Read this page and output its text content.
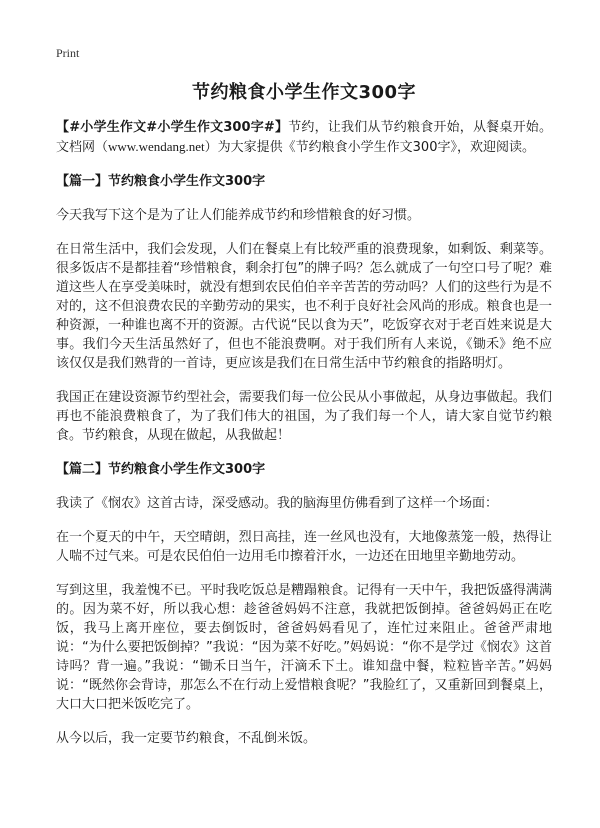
Print
节约粮食小学生作文300字

【#小学生作文#小学生作文300字#】节约，让我们从节约粮食开始，从餐桌开始。文档网（www.wendang.net）为大家提供《节约粮食小学生作文300字》，欢迎阅读。

【篇一】节约粮食小学生作文300字

今天我写下这个是为了让人们能养成节约和珍惜粮食的好习惯。

在日常生活中，我们会发现，人们在餐桌上有比较严重的浪费现象，如剩饭、剩菜等。很多饭店不是都挂着“珍惜粮食，剩余打包”的牌子吗？怎么就成了一句空口号了呢？难道这些人在享受美味时，就没有想到农民伯伯辛辛苦苦的劳动吗？人们的这些行为是不对的，这不但浪费农民的辛勤劳动的果实，也不利于良好社会风尚的形成。粮食也是一种资源，一种谁也离不开的资源。古代说“民以食为天”，吃饭穿衣对于老百姓来说是大事。我们今天生活虽然好了，但也不能浪费啊。对于我们所有人来说，《锄禾》绝不应该仅仅是我们熟背的一首诗，更应该是我们在日常生活中节约粮食的指路明灯。

我国正在建设资源节约型社会，需要我们每一位公民从小事做起，从身边事做起。我们再也不能浪费粮食了，为了我们伟大的祖国，为了我们每一个人，请大家自觉节约粮食。节约粮食，从现在做起，从我做起！

【篇二】节约粮食小学生作文300字

我读了《悯农》这首古诗，深受感动。我的脑海里仿佛看到了这样一个场面：

在一个夏天的中午，天空晴朗，烈日高挂，连一丝风也没有，大地像蒸笼一般，热得让人喘不过气来。可是农民伯伯一边用毛巾擦着汗水，一边还在田地里辛勤地劳动。

写到这里，我羞愧不已。平时我吃饭总是糟蹋粮食。记得有一天中午，我把饭盛得满满的。因为菜不好，所以我心想：趁爸爸妈妈不注意，我就把饭倒掉。爸爸妈妈正在吃饭，我马上离开座位，要去倒饭时，爸爸妈妈看见了，连忙过来阻止。爸爸严肃地说：“为什么要把饭倒掉？”我说：“因为菜不好吃。”妈妈说：“你不是学过《悯农》这首诗吗？背一遍。”我说：“锄禾日当午，汗滴禾下土。谁知盘中餐，粒粒皆辛苦。”妈妈说：“既然你会背诗，那怎么不在行动上爱惜粮食呢？”我脸红了，又重新回到餐桌上，大口大口把米饭吃完了。

从今以后，我一定要节约粮食，不乱倒米饭。
